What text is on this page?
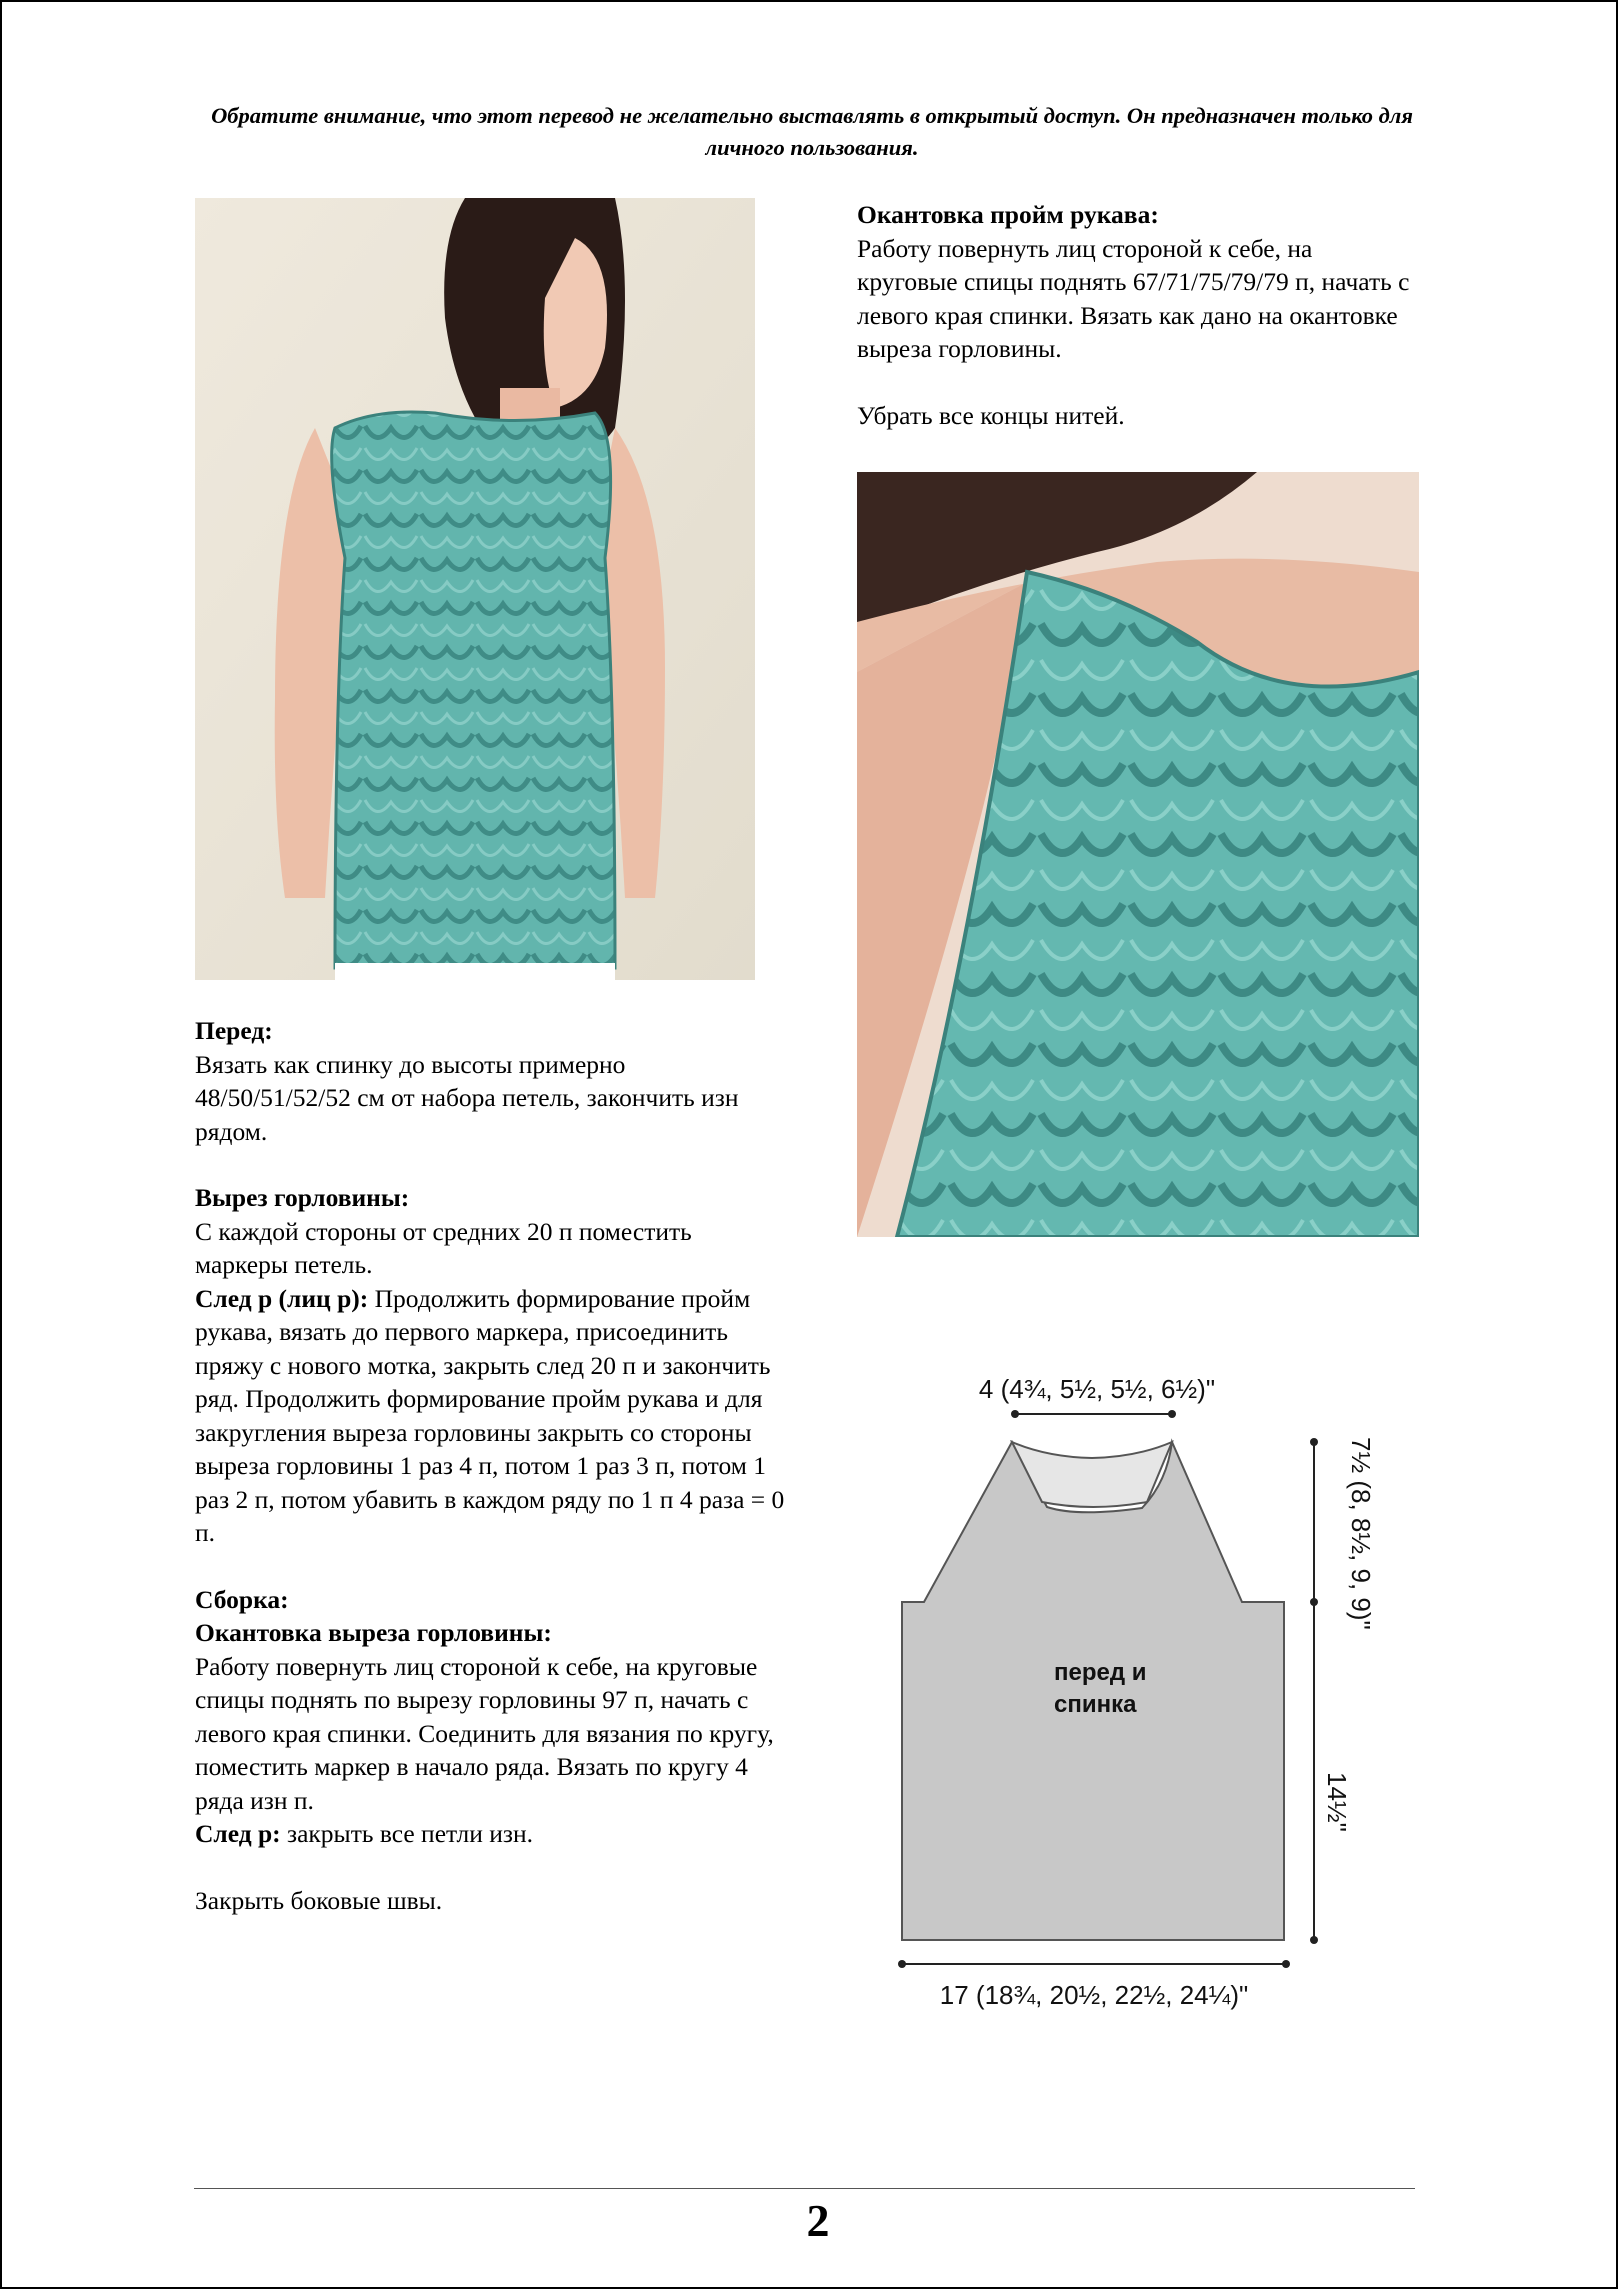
Обратите внимание, что этот перевод не желательно выставлять в открытый доступ. Он предназначен только для личного пользования.

Перед:

Вязать как спинку до высоты примерно 48/50/51/52/52 см от набора петель, закончить изн рядом.

Вырез горловины:

С каждой стороны от средних 20 п поместить маркеры петель.

След р (лиц р): Продолжить формирование пройм рукава, вязать до первого маркера, присоединить пряжу с нового мотка, закрыть след 20 п и закончить ряд. Продолжить формирование пройм рукава и для закругления выреза горловины закрыть со стороны выреза горловины 1 раз 4 п, потом 1 раз 3 п, потом 1 раз 2 п, потом убавить в каждом ряду по 1 п 4 раза = 0 п.

Сборка:

Окантовка выреза горловины:

Работу повернуть лиц стороной к себе, на круговые спицы поднять по вырезу горловины 97 п, начать с левого края спинки. Соединить для вязания по кругу, поместить маркер в начало ряда. Вязать по кругу 4 ряда изн п.

След р: закрыть все петли изн.

Закрыть боковые швы.

Окантовка пройм рукава:

Работу повернуть лиц стороной к себе, на круговые спицы поднять 67/71/75/79/79 п, начать с левого края спинки. Вязать как дано на окантовке выреза горловины.

Убрать все концы нитей.

4 (4¾, 5½, 5½, 6½)"
7½ (8, 8½, 9, 9)"
14½"
17 (18¾, 20½, 22½, 24¼)"
перед и
спинка
2
